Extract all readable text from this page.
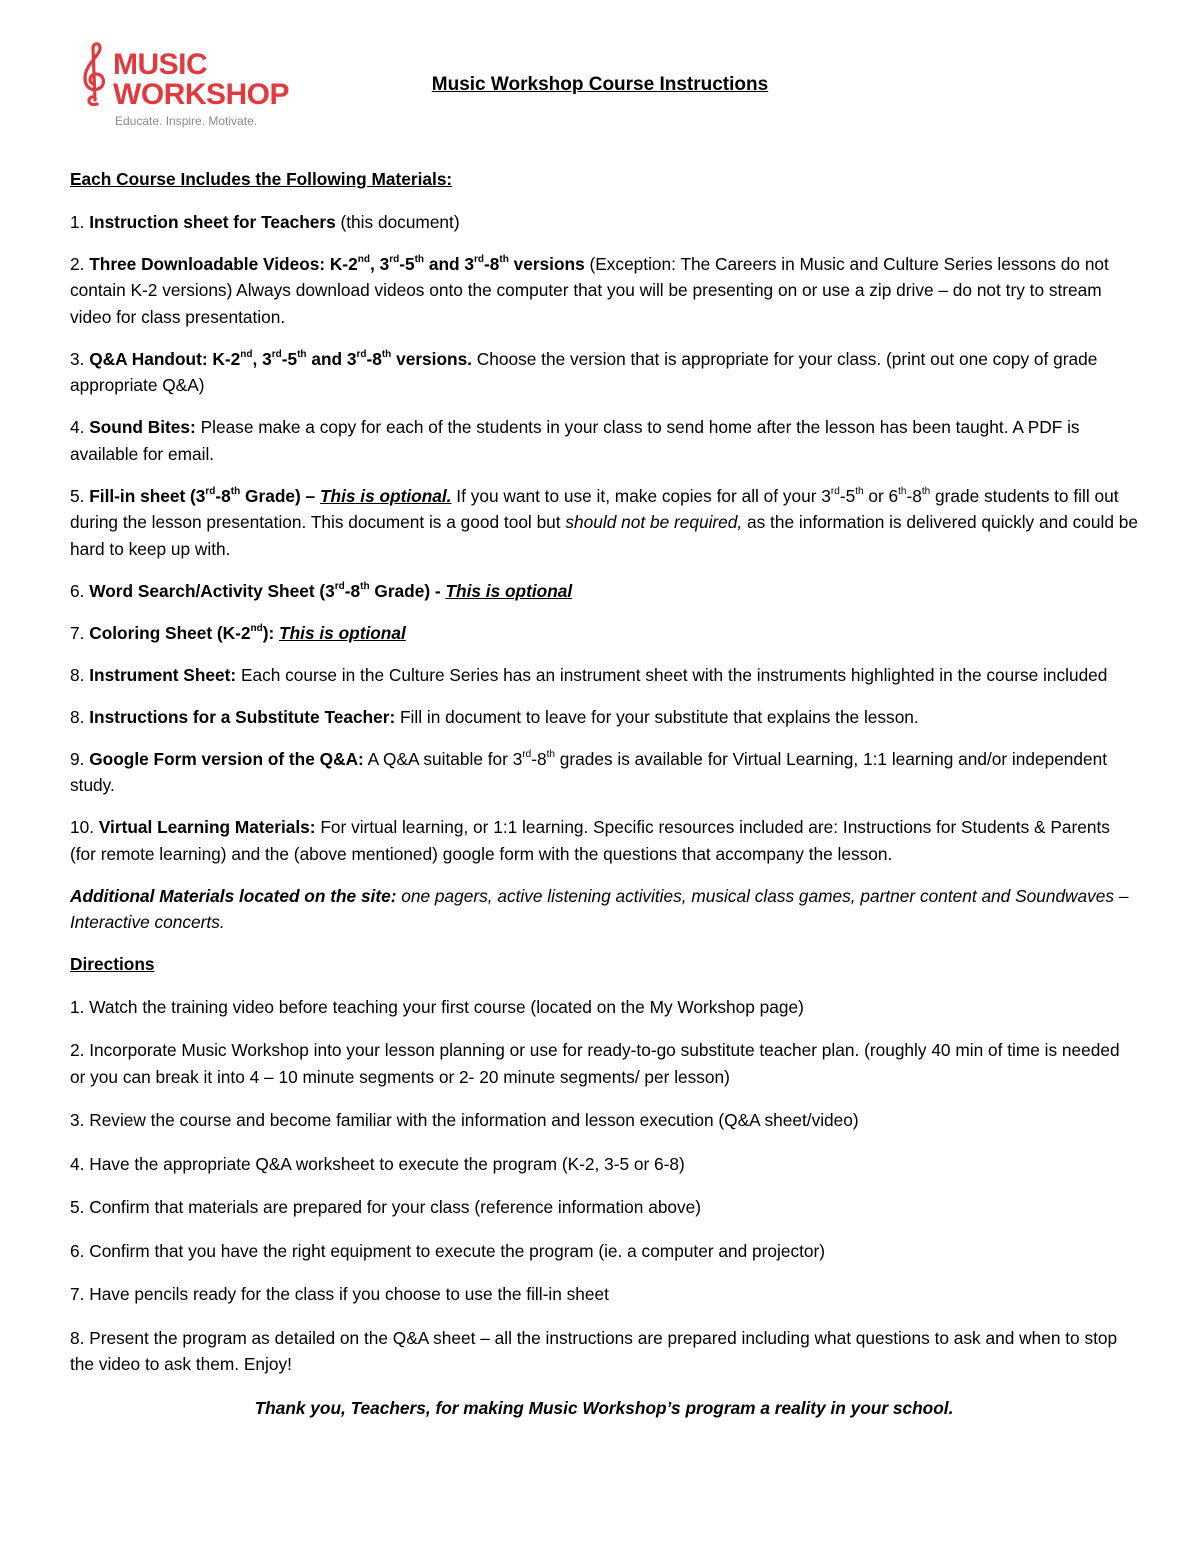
MUSIC
WORKSHOP
Educate. Inspire. Motivate.
Music Workshop Course Instructions

Each Course Includes the Following Materials:

1. Instruction sheet for Teachers (this document)

2. Three Downloadable Videos: K-2nd, 3rd-5th and 3rd-8th versions (Exception: The Careers in Music and Culture Series lessons do not contain K-2 versions) Always download videos onto the computer that you will be presenting on or use a zip drive – do not try to stream video for class presentation.

3. Q&A Handout: K-2nd, 3rd-5th and 3rd-8th versions. Choose the version that is appropriate for your class. (print out one copy of grade appropriate Q&A)

4. Sound Bites: Please make a copy for each of the students in your class to send home after the lesson has been taught. A PDF is available for email.

5. Fill-in sheet (3rd-8th Grade) – This is optional. If you want to use it, make copies for all of your 3rd-5th or 6th-8th grade students to fill out during the lesson presentation. This document is a good tool but should not be required, as the information is delivered quickly and could be hard to keep up with.

6. Word Search/Activity Sheet (3rd-8th Grade) - This is optional

7. Coloring Sheet (K-2nd): This is optional

8. Instrument Sheet: Each course in the Culture Series has an instrument sheet with the instruments highlighted in the course included

8. Instructions for a Substitute Teacher: Fill in document to leave for your substitute that explains the lesson.

9. Google Form version of the Q&A: A Q&A suitable for 3rd-8th grades is available for Virtual Learning, 1:1 learning and/or independent study.

10. Virtual Learning Materials: For virtual learning, or 1:1 learning. Specific resources included are: Instructions for Students & Parents (for remote learning) and the (above mentioned) google form with the questions that accompany the lesson.

Additional Materials located on the site: one pagers, active listening activities, musical class games, partner content and Soundwaves – Interactive concerts.

Directions

1. Watch the training video before teaching your first course (located on the My Workshop page)

2. Incorporate Music Workshop into your lesson planning or use for ready-to-go substitute teacher plan. (roughly 40 min of time is needed or you can break it into 4 – 10 minute segments or 2- 20 minute segments/ per lesson)

3. Review the course and become familiar with the information and lesson execution (Q&A sheet/video)

4. Have the appropriate Q&A worksheet to execute the program (K-2, 3-5 or 6-8)

5. Confirm that materials are prepared for your class (reference information above)

6. Confirm that you have the right equipment to execute the program (ie. a computer and projector)

7. Have pencils ready for the class if you choose to use the fill-in sheet

8. Present the program as detailed on the Q&A sheet – all the instructions are prepared including what questions to ask and when to stop the video to ask them. Enjoy!

Thank you, Teachers, for making Music Workshop’s program a reality in your school.
